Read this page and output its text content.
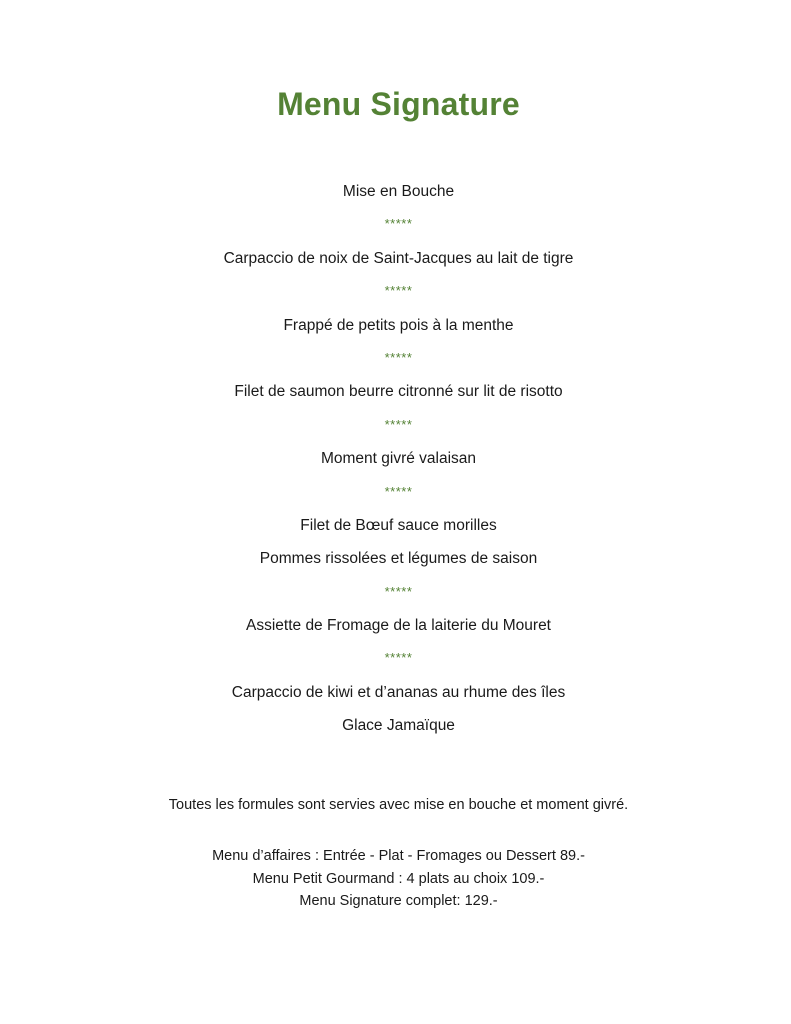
Menu Signature
Mise en Bouche
*****
Carpaccio de noix de Saint-Jacques au lait de tigre
*****
Frappé de petits pois à la menthe
*****
Filet de saumon beurre citronné sur lit de risotto
*****
Moment givré valaisan
*****
Filet de Bœuf sauce morilles
Pommes rissolées et légumes de saison
*****
Assiette de Fromage de la laiterie du Mouret
*****
Carpaccio de kiwi et d’ananas au rhume des îles
Glace Jamaïque
Toutes les formules sont servies avec mise en bouche et moment givré.
Menu d’affaires : Entrée - Plat - Fromages ou Dessert 89.-
Menu Petit Gourmand : 4 plats au choix 109.-
Menu Signature complet: 129.-
